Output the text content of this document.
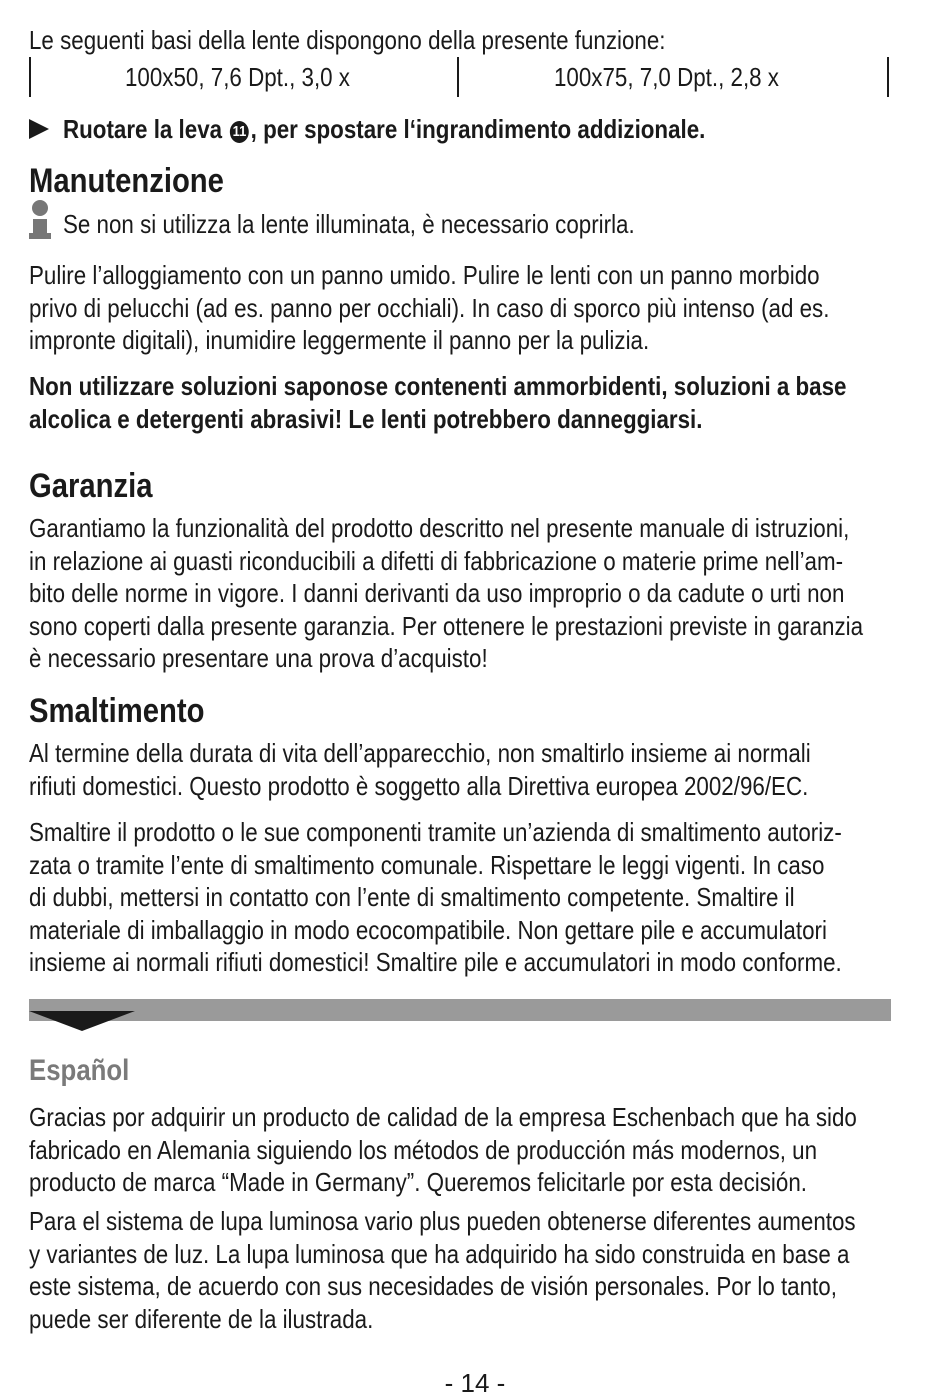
Le seguenti basi della lente dispongono della presente funzione:

100x50, 7,6 Dpt., 3,0 x	100x75, 7,0 Dpt., 2,8 x
Ruotare la leva 11 , per spostare l‘ingrandimento addizionale.
Manutenzione
Se non si utilizza la lente illuminata, è necessario coprirla.
Pulire l’alloggiamento con un panno umido. Pulire le lenti con un panno morbido
privo di pelucchi (ad es. panno per occhiali). In caso di sporco più intenso (ad es.
impronte digitali), inumidire leggermente il panno per la pulizia.
Non utilizzare soluzioni saponose contenenti ammorbidenti, soluzioni a base
alcolica e detergenti abrasivi! Le lenti potrebbero danneggiarsi.
Garanzia
Garantiamo la funzionalità del prodotto descritto nel presente manuale di istruzioni,
in relazione ai guasti riconducibili a difetti di fabbricazione o materie prime nell’am-
bito delle norme in vigore. I danni derivanti da uso improprio o da cadute o urti non
sono coperti dalla presente garanzia. Per ottenere le prestazioni previste in garanzia
è necessario presentare una prova d’acquisto!
Smaltimento
Al termine della durata di vita dell’apparecchio, non smaltirlo insieme ai normali
rifiuti domestici. Questo prodotto è soggetto alla Direttiva europea 2002/96/EC.
Smaltire il prodotto o le sue componenti tramite un’azienda di smaltimento autoriz-
zata o tramite l’ente di smaltimento comunale. Rispettare le leggi vigenti. In caso
di dubbi, mettersi in contatto con l’ente di smaltimento competente. Smaltire il
materiale di imballaggio in modo ecocompatibile. Non gettare pile e accumulatori
insieme ai normali rifiuti domestici! Smaltire pile e accumulatori in modo conforme.
Español
Gracias por adquirir un producto de calidad de la empresa Eschenbach que ha sido
fabricado en Alemania siguiendo los métodos de producción más modernos, un
producto de marca “Made in Germany”. Queremos felicitarle por esta decisión.
Para el sistema de lupa luminosa vario plus pueden obtenerse diferentes aumentos
y variantes de luz. La lupa luminosa que ha adquirido ha sido construida en base a
este sistema, de acuerdo con sus necesidades de visión personales. Por lo tanto,
puede ser diferente de la ilustrada.
- 14 -
